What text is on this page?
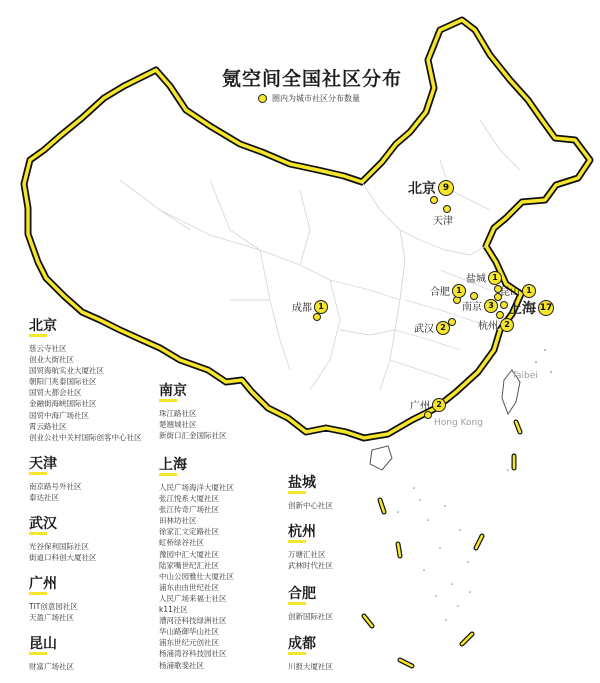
氪空间全国社区分布
圈内为城市社区分布数量
北京 9
天津
盐城 1
合肥 1	昆山 1
南京 3	上海 17
成都 1
武汉 2	杭州 2
广州 2
Taibei
Hong Kong
北京
慈云寺社区
创业大街社区
国贸海航实业大厦社区
朝阳门兆泰国际社区
国贸大都会社区
金融街海峡国际社区
国贸中海广场社区
霄云路社区
创业公社中关村国际创客中心社区
天津
南京路号外社区
泰达社区
武汉
光谷保利国际社区
街道口科创大厦社区
广州
TIT创意园社区
天盈广场社区
昆山
财富广场社区
南京
珠江路社区
楚翘城社区
新街口汇金国际社区
上海
人民广场海洋大厦社区
张江悦系大厦社区
张江传奇广场社区
田林坊社区
徐家汇文定路社区
虹桥绿谷社区
豫园中汇大厦社区
陆家嘴世纪汇社区
中山公园雅仕大厦社区
浦东由由世纪社区
人民广场来福士社区
k11社区
漕河泾科技绿洲社区
华山路御华山社区
浦东世纪元创社区
杨浦湾谷科技园社区
杨浦歌斐社区
盐城
创新中心社区
杭州
万塘汇社区
武林时代社区
合肥
创新国际社区
成都
川报大厦社区
